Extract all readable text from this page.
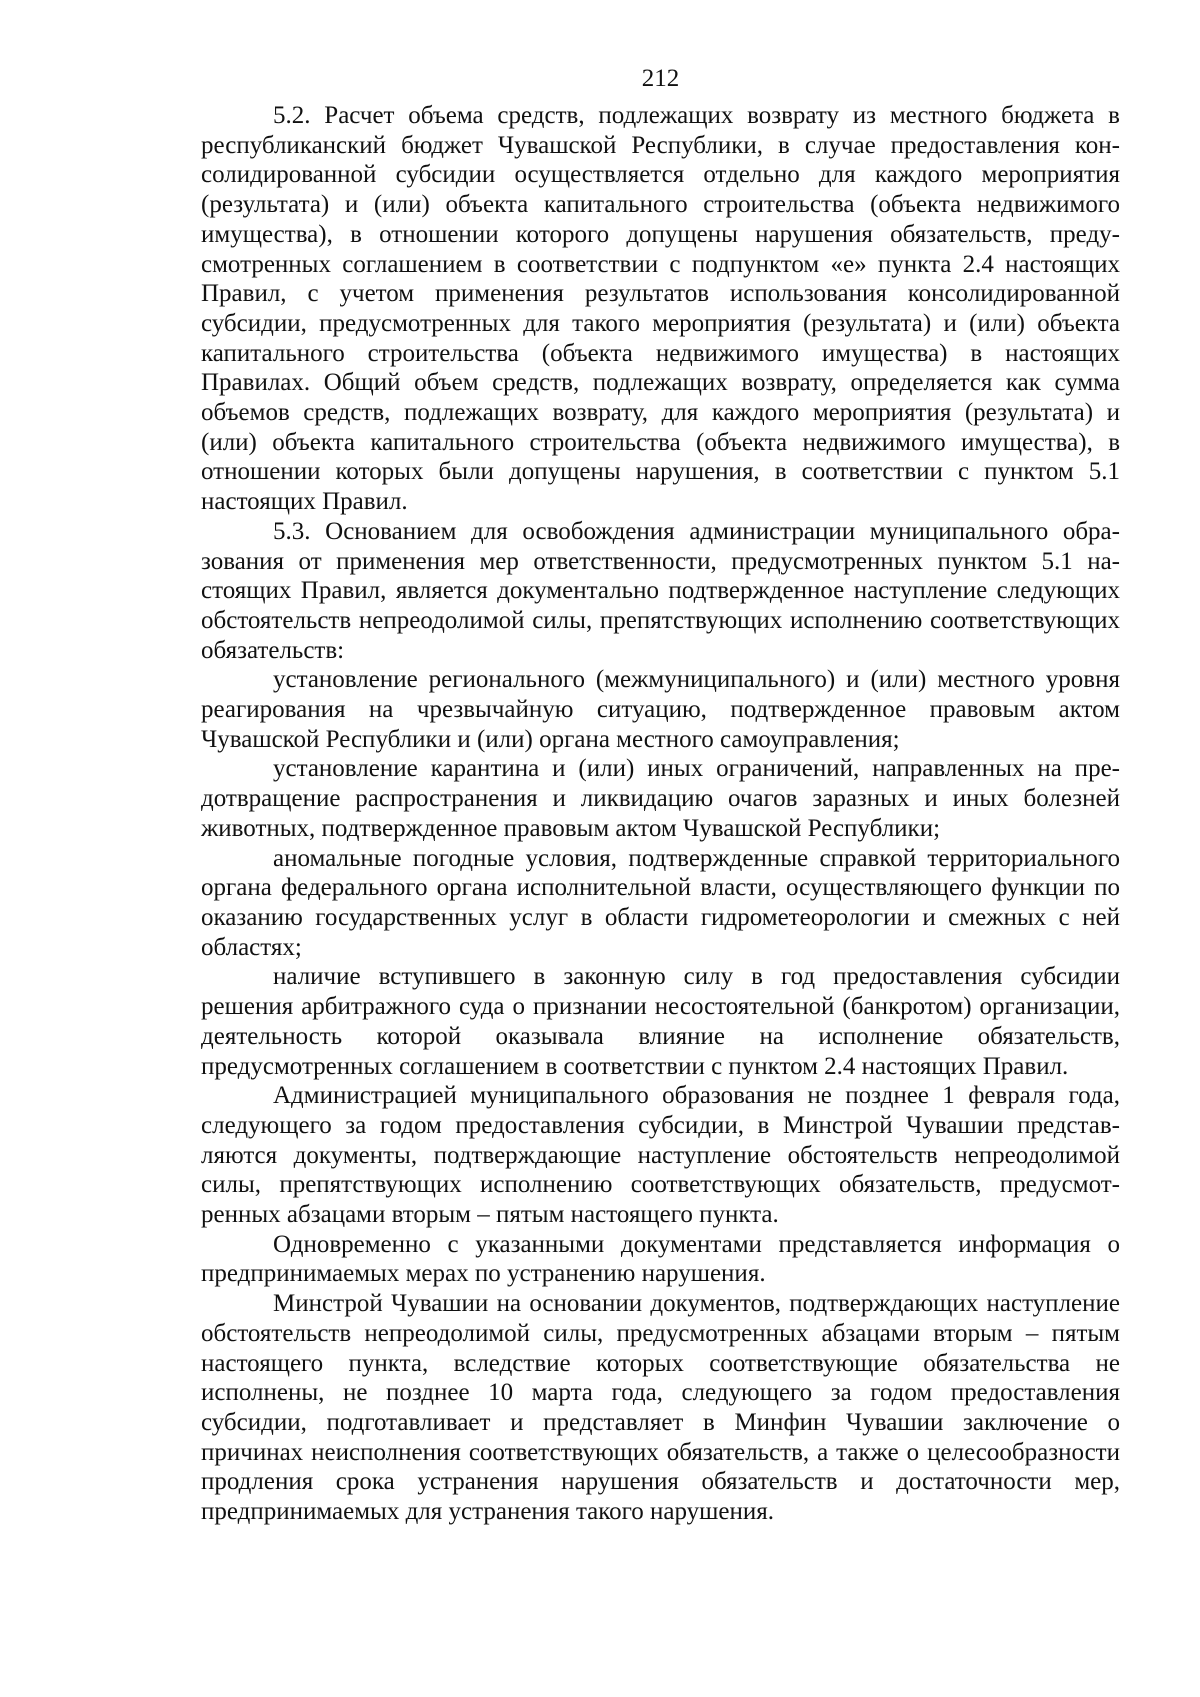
212

5.2. Расчет объема средств, подлежащих возврату из местного бюджета в республиканский бюджет Чувашской Республики, в случае предоставления консолидированной субсидии осуществляется отдельно для каждого мероприятия (результата) и (или) объекта капитального строительства (объекта недвижимого имущества), в отношении которого допущены нарушения обязательств, предусмотренных соглашением в соответствии с подпунктом «е» пункта 2.4 настоящих Правил, с учетом применения результатов использования консолидированной субсидии, предусмотренных для такого мероприятия (результата) и (или) объекта капитального строительства (объекта недвижимого имущества) в настоящих Правилах. Общий объем средств, подлежащих возврату, определяется как сумма объемов средств, подлежащих возврату, для каждого мероприятия (результата) и (или) объекта капитального строительства (объекта недвижимого имущества), в отношении которых были допущены нарушения, в соответствии с пунктом 5.1 настоящих Правил.

5.3. Основанием для освобождения администрации муниципального образования от применения мер ответственности, предусмотренных пунктом 5.1 настоящих Правил, является документально подтвержденное наступление следующих обстоятельств непреодолимой силы, препятствующих исполнению соответствующих обязательств:

установление регионального (межмуниципального) и (или) местного уровня реагирования на чрезвычайную ситуацию, подтвержденное правовым актом Чувашской Республики и (или) органа местного самоуправления;

установление карантина и (или) иных ограничений, направленных на предотвращение распространения и ликвидацию очагов заразных и иных болезней животных, подтвержденное правовым актом Чувашской Республики;

аномальные погодные условия, подтвержденные справкой территориального органа федерального органа исполнительной власти, осуществляющего функции по оказанию государственных услуг в области гидрометеорологии и смежных с ней областях;

наличие вступившего в законную силу в год предоставления субсидии решения арбитражного суда о признании несостоятельной (банкротом) организации, деятельность которой оказывала влияние на исполнение обязательств, предусмотренных соглашением в соответствии с пунктом 2.4 настоящих Правил.

Администрацией муниципального образования не позднее 1 февраля года, следующего за годом предоставления субсидии, в Минстрой Чувашии представляются документы, подтверждающие наступление обстоятельств непреодолимой силы, препятствующих исполнению соответствующих обязательств, предусмотренных абзацами вторым – пятым настоящего пункта.

Одновременно с указанными документами представляется информация о предпринимаемых мерах по устранению нарушения.

Минстрой Чувашии на основании документов, подтверждающих наступление обстоятельств непреодолимой силы, предусмотренных абзацами вторым – пятым настоящего пункта, вследствие которых соответствующие обязательства не исполнены, не позднее 10 марта года, следующего за годом предоставления субсидии, подготавливает и представляет в Минфин Чувашии заключение о причинах неисполнения соответствующих обязательств, а также о целесообразности продления срока устранения нарушения обязательств и достаточности мер, предпринимаемых для устранения такого нарушения.
